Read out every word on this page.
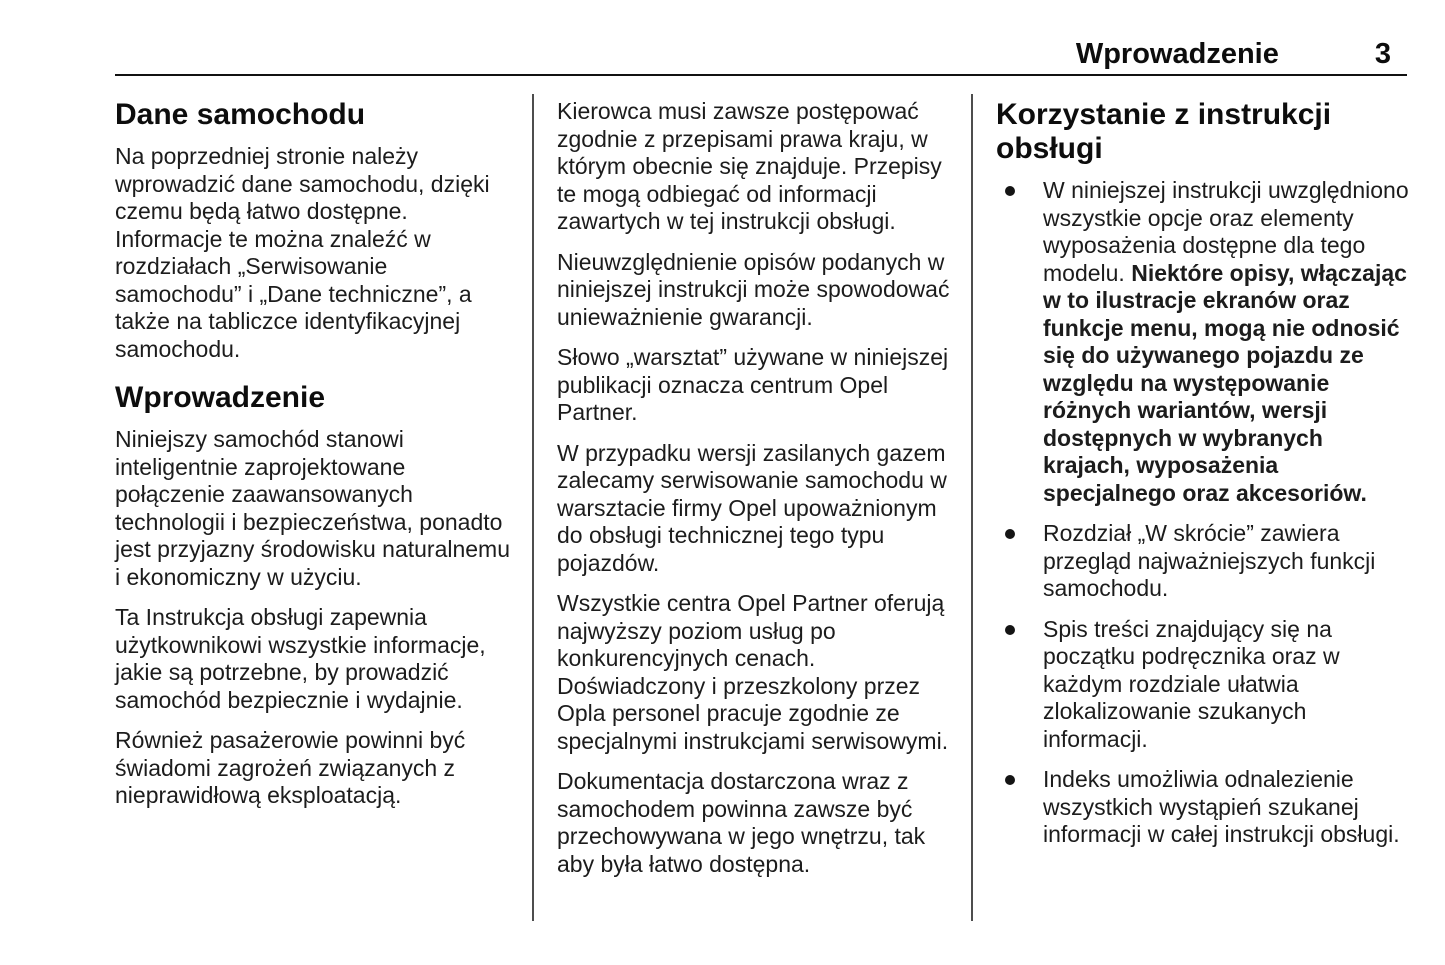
Wprowadzenie	3
Dane samochodu

Na poprzedniej stronie należy wprowadzić dane samochodu, dzięki czemu będą łatwo dostępne. Informacje te można znaleźć w rozdziałach „Serwisowanie samochodu” i „Dane techniczne”, a także na tabliczce identyfikacyjnej samochodu.

Wprowadzenie

Niniejszy samochód stanowi inteligentnie zaprojektowane połączenie zaawansowanych technologii i bezpieczeństwa, ponadto jest przyjazny środowisku naturalnemu i ekonomiczny w użyciu.

Ta Instrukcja obsługi zapewnia użytkownikowi wszystkie informacje, jakie są potrzebne, by prowadzić samochód bezpiecznie i wydajnie.

Również pasażerowie powinni być świadomi zagrożeń związanych z nieprawidłową eksploatacją.

Kierowca musi zawsze postępować zgodnie z przepisami prawa kraju, w którym obecnie się znajduje. Przepisy te mogą odbiegać od informacji zawartych w tej instrukcji obsługi.

Nieuwzględnienie opisów podanych w niniejszej instrukcji może spowodować unieważnienie gwarancji.

Słowo „warsztat” używane w niniejszej publikacji oznacza centrum Opel Partner.

W przypadku wersji zasilanych gazem zalecamy serwisowanie samochodu w warsztacie firmy Opel upoważnionym do obsługi technicznej tego typu pojazdów.

Wszystkie centra Opel Partner oferują najwyższy poziom usług po konkurencyjnych cenach. Doświadczony i przeszkolony przez Opla personel pracuje zgodnie ze specjalnymi instrukcjami serwisowymi.

Dokumentacja dostarczona wraz z samochodem powinna zawsze być przechowywana w jego wnętrzu, tak aby była łatwo dostępna.

Korzystanie z instrukcji obsługi
W niniejszej instrukcji uwzględniono wszystkie opcje oraz elementy wyposażenia dostępne dla tego modelu. Niektóre opisy, włączając w to ilustracje ekranów oraz funkcje menu, mogą nie odnosić się do używanego pojazdu ze względu na występowanie różnych wariantów, wersji dostępnych w wybranych krajach, wyposażenia specjalnego oraz akcesoriów.
Rozdział „W skrócie” zawiera przegląd najważniejszych funkcji samochodu.
Spis treści znajdujący się na początku podręcznika oraz w każdym rozdziale ułatwia zlokalizowanie szukanych informacji.
Indeks umożliwia odnalezienie wszystkich wystąpień szukanej informacji w całej instrukcji obsługi.
